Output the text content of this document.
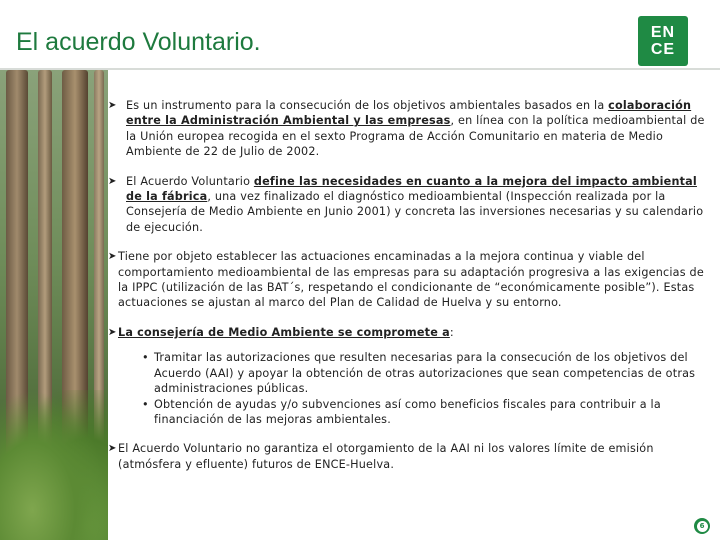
El acuerdo Voluntario.	EN
CE

➤ Es un instrumento para la consecución de los objetivos ambientales basados en la colaboración entre la Administración Ambiental y las empresas, en línea con la política medioambiental de la Unión europea recogida en el sexto Programa de Acción Comunitario en materia de Medio Ambiente de 22 de Julio de 2002.

➤ El Acuerdo Voluntario define las necesidades en cuanto a la mejora del impacto ambiental de la fábrica, una vez finalizado el diagnóstico medioambiental (Inspección realizada por la Consejería de Medio Ambiente en Junio 2001) y concreta las inversiones necesarias y su calendario de ejecución.

➤ Tiene por objeto establecer las actuaciones encaminadas a la mejora continua y viable del comportamiento medioambiental de las empresas para su adaptación progresiva a las exigencias de la IPPC (utilización de las BAT´s, respetando el condicionante de “económicamente posible”). Estas actuaciones se ajustan al marco del Plan de Calidad de Huelva y su entorno.

➤ La consejería de Medio Ambiente se compromete a:

• Tramitar las autorizaciones que resulten necesarias para la consecución de los objetivos del Acuerdo (AAI) y apoyar la obtención de otras autorizaciones que sean competencias de otras administraciones públicas.
• Obtención de ayudas y/o subvenciones así como beneficios fiscales para contribuir a la financiación de las mejoras ambientales.

➤ El Acuerdo Voluntario no garantiza el otorgamiento de la AAI ni los valores límite de emisión (atmósfera y efluente) futuros de ENCE-Huelva.

6
